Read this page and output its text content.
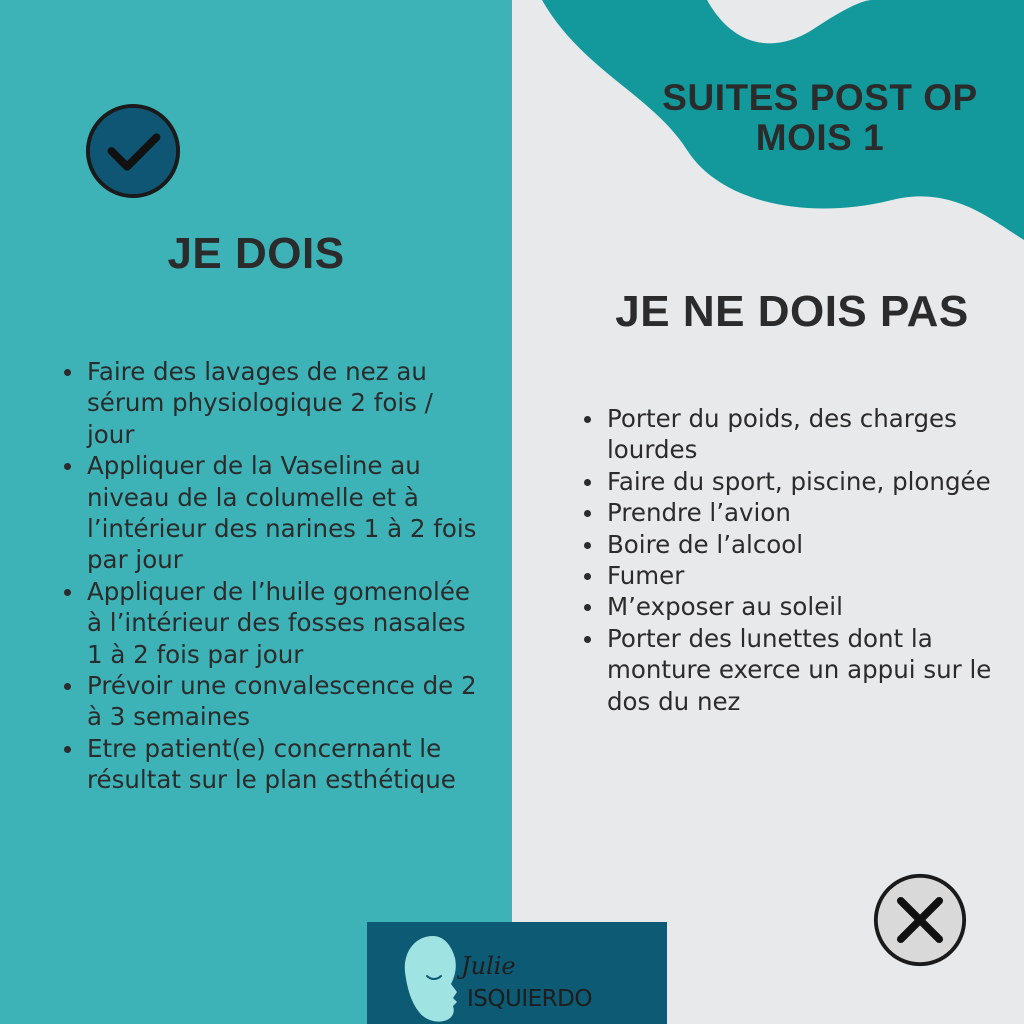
SUITES POST OP
MOIS 1
JE DOIS
Faire des lavages de nez au sérum physiologique 2 fois / jour
Appliquer de la Vaseline au niveau de la columelle et à l’intérieur des narines 1 à 2 fois par jour
Appliquer de l’huile gomenolée à l’intérieur des fosses nasales 1 à 2 fois par jour
Prévoir une convalescence de 2 à 3 semaines
Etre patient(e) concernant le résultat sur le plan esthétique
JE NE DOIS PAS
Porter du poids, des charges lourdes
Faire du sport, piscine, plongée
Prendre l’avion
Boire de l’alcool
Fumer
M’exposer au soleil
Porter des lunettes dont la monture exerce un appui sur le dos du nez
Julie
ISQUIERDO
